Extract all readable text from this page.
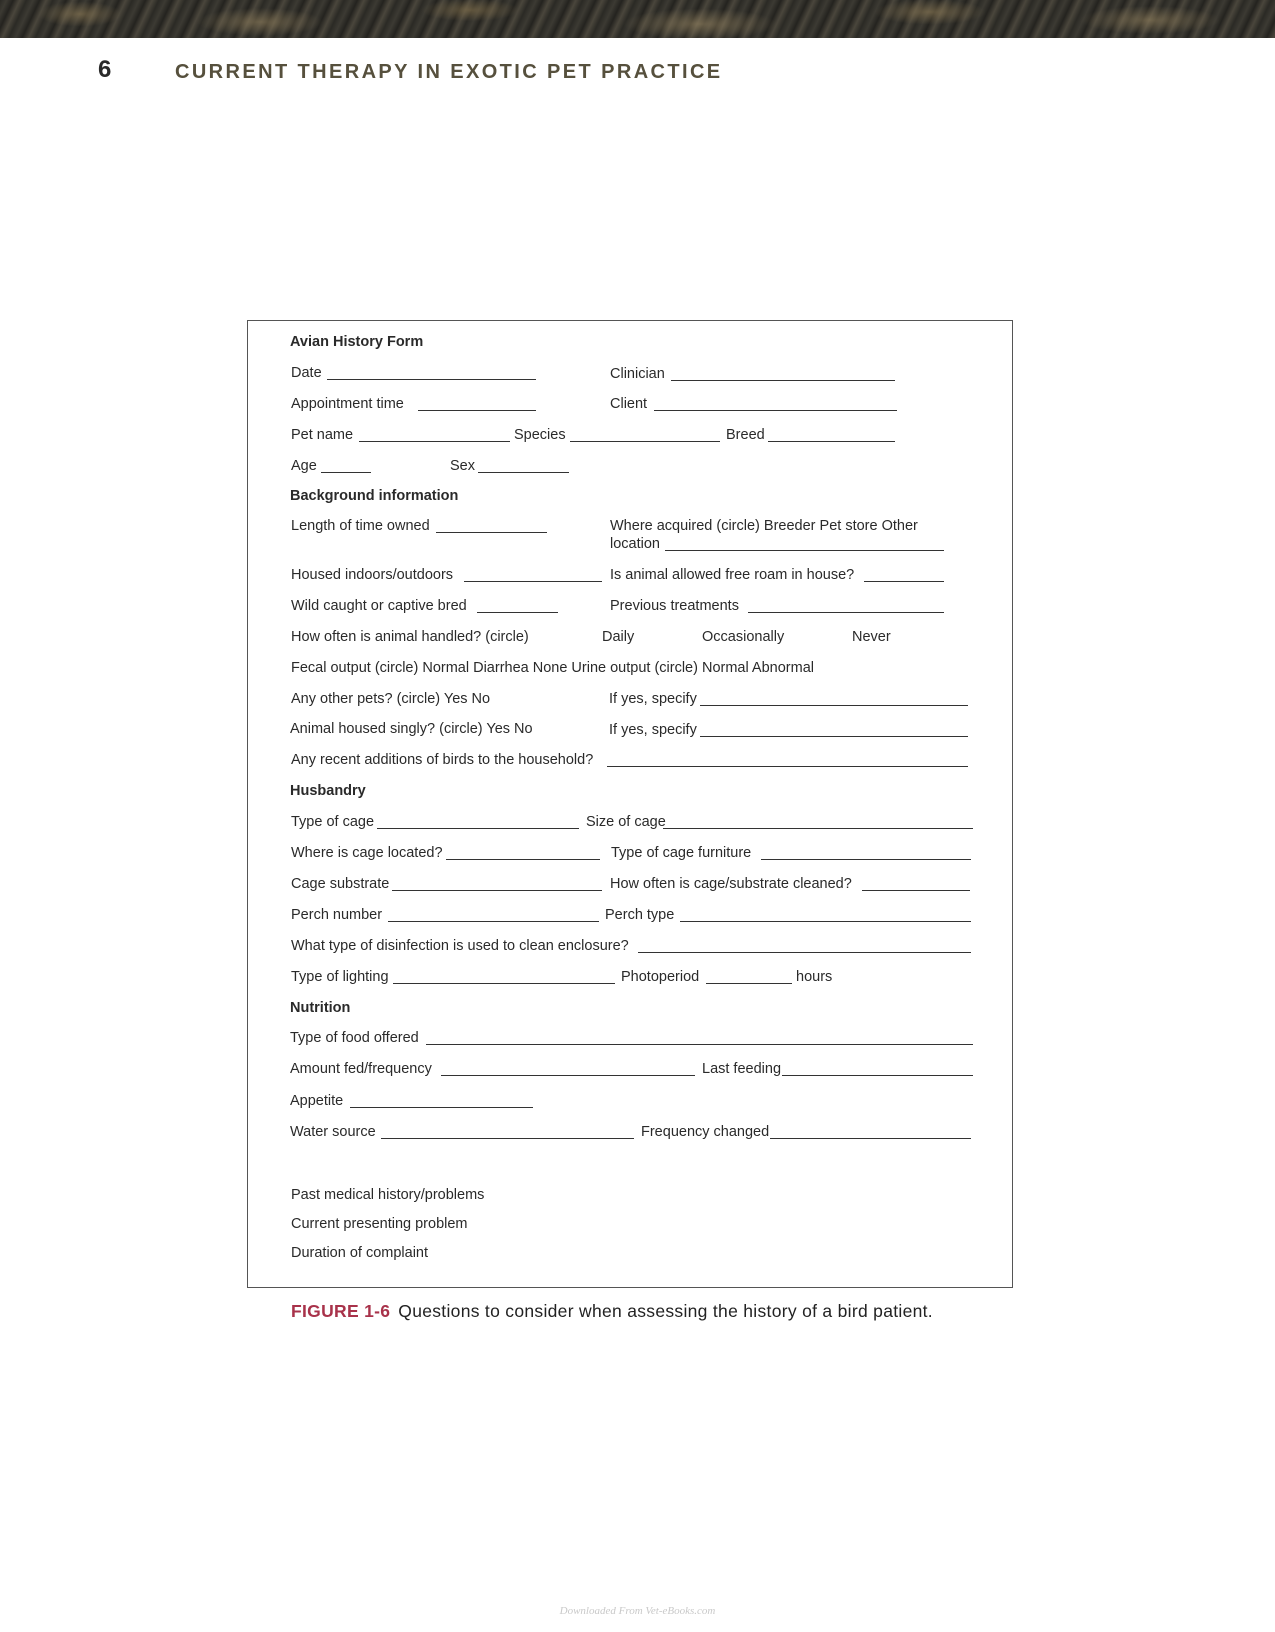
6	CURRENT THERAPY IN EXOTIC PET PRACTICE
Avian History Form
Date	Clinician
Appointment time	Client
Pet name	Species	Breed
Age	Sex
Background information
Length of time owned	Where acquired (circle) Breeder Pet store Other
location
Housed indoors/outdoors	Is animal allowed free roam in house?
Wild caught or captive bred	Previous treatments
How often is animal handled? (circle)	Daily	Occasionally	Never
Fecal output (circle) Normal Diarrhea None Urine output (circle) Normal Abnormal
Any other pets? (circle) Yes No	If yes, specify
Animal housed singly? (circle) Yes No	If yes, specify
Any recent additions of birds to the household?
Husbandry
Type of cage	Size of cage
Where is cage located?	Type of cage furniture
Cage substrate	How often is cage/substrate cleaned?
Perch number	Perch type
What type of disinfection is used to clean enclosure?
Type of lighting	Photoperiod	hours
Nutrition
Type of food offered
Amount fed/frequency	Last feeding
Appetite
Water source	Frequency changed
Past medical history/problems
Current presenting problem
Duration of complaint
FIGURE 1-6 Questions to consider when assessing the history of a bird patient.
Downloaded From Vet-eBooks.com
